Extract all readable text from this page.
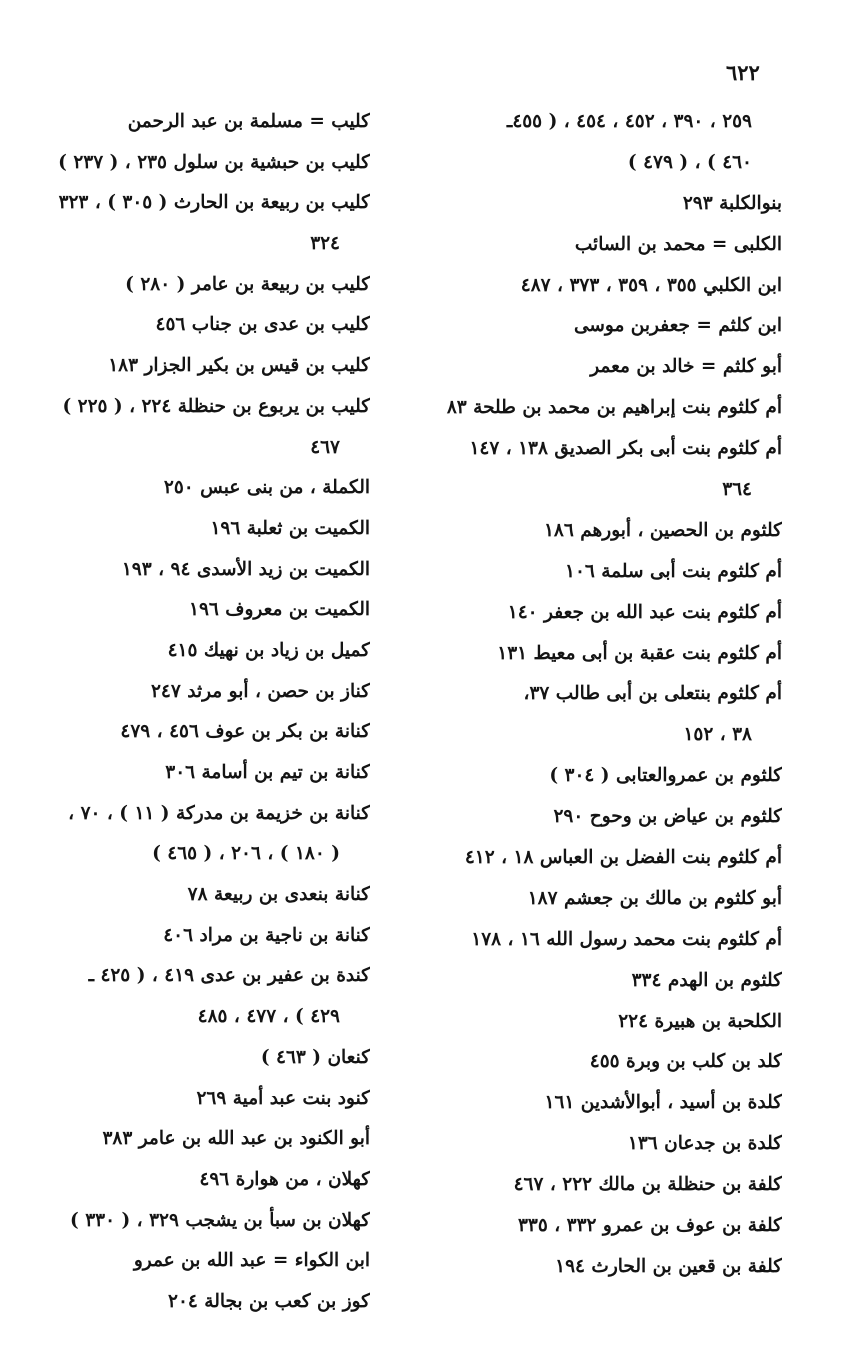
٦٢٢
٢٥٩ ، ٣٩٠ ، ٤٥٢ ، ٤٥٤ ، ( ٤٥٥ـ
٤٦٠ ) ، ( ٤٧٩ )
بنوالكلبة ٢٩٣
الكلبى = محمد بن السائب
ابن الكلبي ٣٥٥ ، ٣٥٩ ، ٣٧٣ ، ٤٨٧
ابن كلثم = جعفربن موسى
أبو كلثم = خالد بن معمر
أم كلثوم بنت إبراهيم بن محمد بن طلحة ٨٣
أم كلثوم بنت أبى بكر الصديق ١٣٨ ، ١٤٧
٣٦٤
كلثوم بن الحصين ، أبورهم ١٨٦
أم كلثوم بنت أبى سلمة ١٠٦
أم كلثوم بنت عبد الله بن جعفر ١٤٠
أم كلثوم بنت عقبة بن أبى معيط ١٣١
أم كلثوم بنتعلى بن أبى طالب ٣٧،
٣٨ ، ١٥٢
كلثوم بن عمروالعتابى ( ٣٠٤ )
كلثوم بن عياض بن وحوح ٢٩٠
أم كلثوم بنت الفضل بن العباس ١٨ ، ٤١٢
أبو كلثوم بن مالك بن جعشم ١٨٧
أم كلثوم بنت محمد رسول الله ١٦ ، ١٧٨
كلثوم بن الهدم ٣٣٤
الكلحبة بن هبيرة ٢٢٤
كلد بن كلب بن وبرة ٤٥٥
كلدة بن أسيد ، أبوالأشدين ١٦١
كلدة بن جدعان ١٣٦
كلفة بن حنظلة بن مالك ٢٢٢ ، ٤٦٧
كلفة بن عوف بن عمرو ٣٣٢ ، ٣٣٥
كلفة بن قعين بن الحارث ١٩٤
كليب = مسلمة بن عبد الرحمن
كليب بن حبشية بن سلول ٢٣٥ ، ( ٢٣٧ )
كليب بن ربيعة بن الحارث ( ٣٠٥ ) ، ٣٢٣
٣٢٤
كليب بن ربيعة بن عامر ( ٢٨٠ )
كليب بن عدى بن جناب ٤٥٦
كليب بن قيس بن بكير الجزار ١٨٣
كليب بن يربوع بن حنظلة ٢٢٤ ، ( ٢٢٥ )
٤٦٧
الكملة ، من بنى عبس ٢٥٠
الكميت بن ثعلبة ١٩٦
الكميت بن زيد الأسدى ٩٤ ، ١٩٣
الكميت بن معروف ١٩٦
كميل بن زياد بن نهيك ٤١٥
كناز بن حصن ، أبو مرثد ٢٤٧
كنانة بن بكر بن عوف ٤٥٦ ، ٤٧٩
كنانة بن تيم بن أسامة ٣٠٦
كنانة بن خزيمة بن مدركة ( ١١ ) ، ٧٠ ،
( ١٨٠ ) ، ٢٠٦ ، ( ٤٦٥ )
كنانة بنعدى بن ربيعة ٧٨
كنانة بن ناجية بن مراد ٤٠٦
كندة بن عفير بن عدى ٤١٩ ، ( ٤٢٥ ـ
٤٢٩ ) ، ٤٧٧ ، ٤٨٥
كنعان ( ٤٦٣ )
كنود بنت عبد أمية ٢٦٩
أبو الكنود بن عبد الله بن عامر ٣٨٣
كهلان ، من هوارة ٤٩٦
كهلان بن سبأ بن يشجب ٣٢٩ ، ( ٣٣٠ )
ابن الكواء = عبد الله بن عمرو
كوز بن كعب بن بجالة ٢٠٤
